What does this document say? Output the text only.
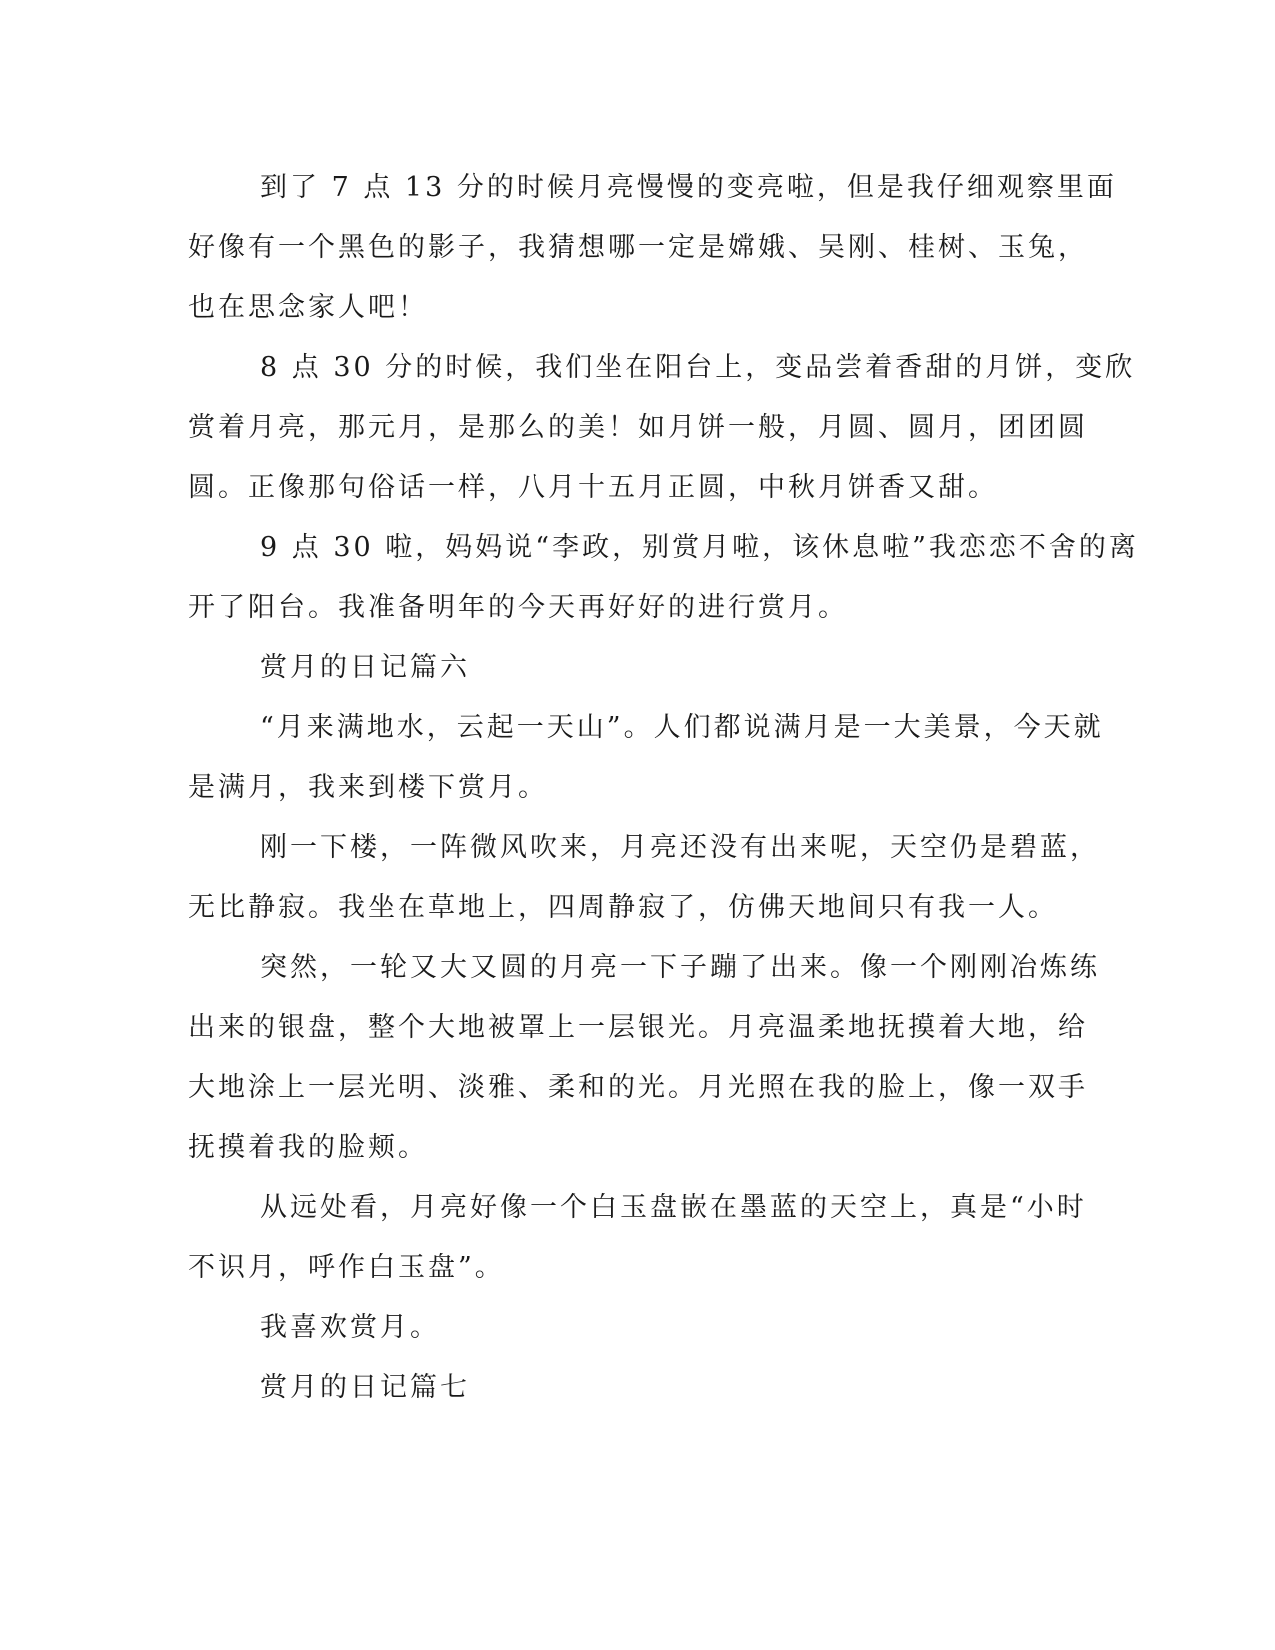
到了 7 点 13 分的时候月亮慢慢的变亮啦，但是我仔细观察里面
好像有一个黑色的影子，我猜想哪一定是嫦娥、吴刚、桂树、玉兔，
也在思念家人吧！
8 点 30 分的时候，我们坐在阳台上，变品尝着香甜的月饼，变欣
赏着月亮，那元月，是那么的美！如月饼一般，月圆、圆月，团团圆
圆。正像那句俗话一样，八月十五月正圆，中秋月饼香又甜。
9 点 30 啦，妈妈说“李政，别赏月啦，该休息啦”我恋恋不舍的离
开了阳台。我准备明年的今天再好好的进行赏月。
赏月的日记篇六
“月来满地水，云起一天山”。人们都说满月是一大美景，今天就
是满月，我来到楼下赏月。
刚一下楼，一阵微风吹来，月亮还没有出来呢，天空仍是碧蓝，
无比静寂。我坐在草地上，四周静寂了，仿佛天地间只有我一人。
突然，一轮又大又圆的月亮一下子蹦了出来。像一个刚刚冶炼练
出来的银盘，整个大地被罩上一层银光。月亮温柔地抚摸着大地，给
大地涂上一层光明、淡雅、柔和的光。月光照在我的脸上，像一双手
抚摸着我的脸颊。
从远处看，月亮好像一个白玉盘嵌在墨蓝的天空上，真是“小时
不识月，呼作白玉盘”。
我喜欢赏月。
赏月的日记篇七
